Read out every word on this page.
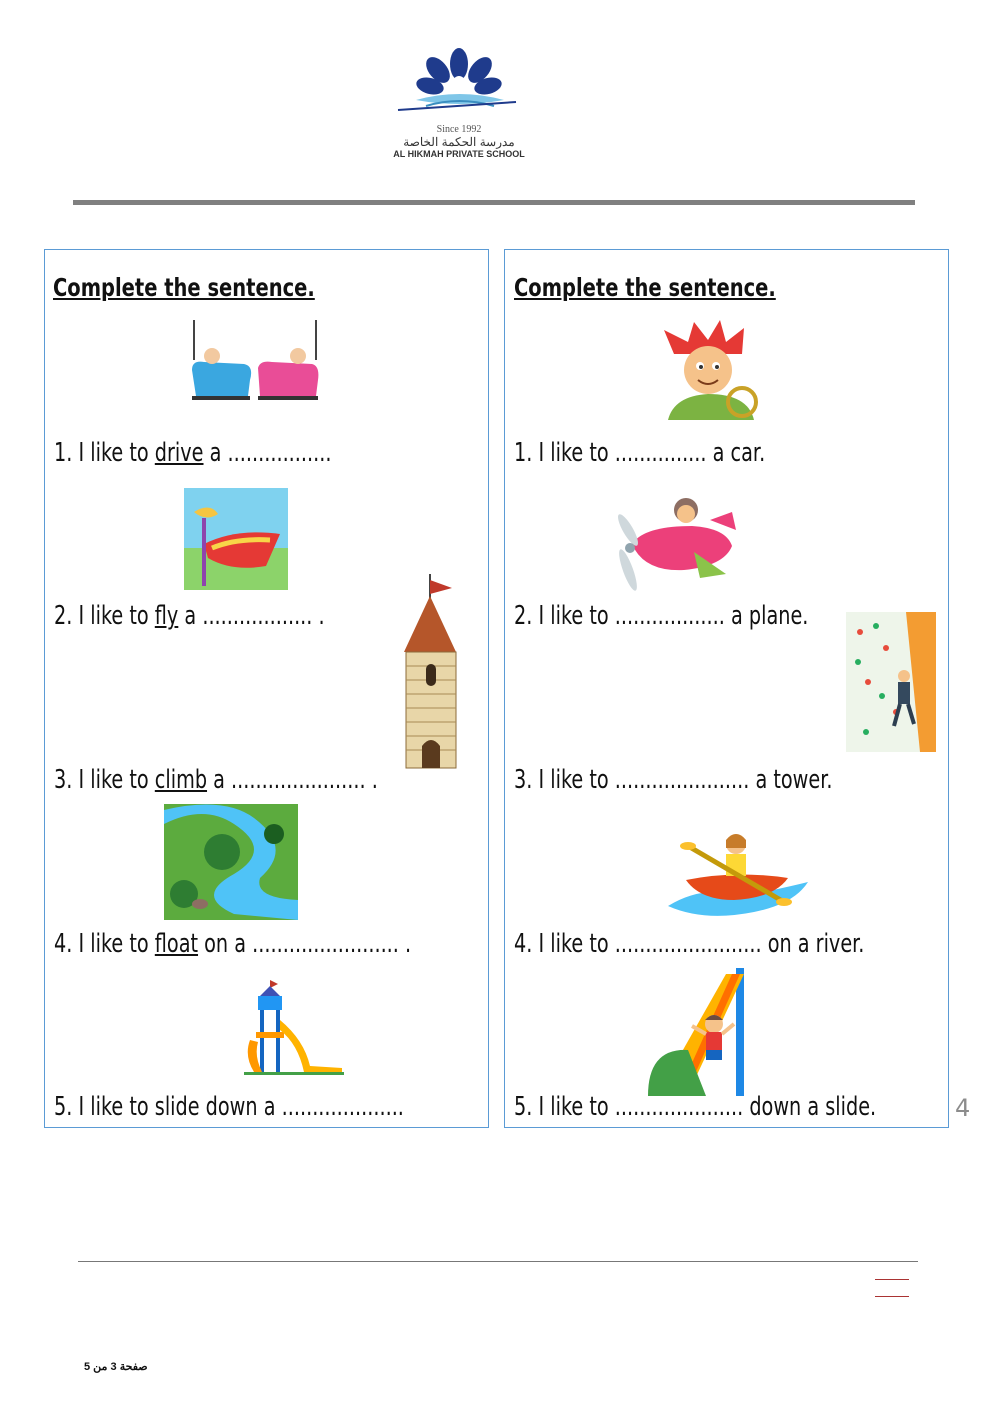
Since 1992
مدرسة الحكمة الخاصة
AL HIKMAH PRIVATE SCHOOL
Complete the sentence.
1. I like to drive a .................
2. I like to fly a .................. .
3. I like to climb a ...................... .
4. I like to float on a ........................ .
5. I like to slide down a ....................
Complete the sentence.
1. I like to ............... a car.
2. I like to .................. a plane.
3. I like to ...................... a tower.
4. I like to ........................ on a river.
5. I like to ..................... down a slide.	4
صفحة 3 من 5
